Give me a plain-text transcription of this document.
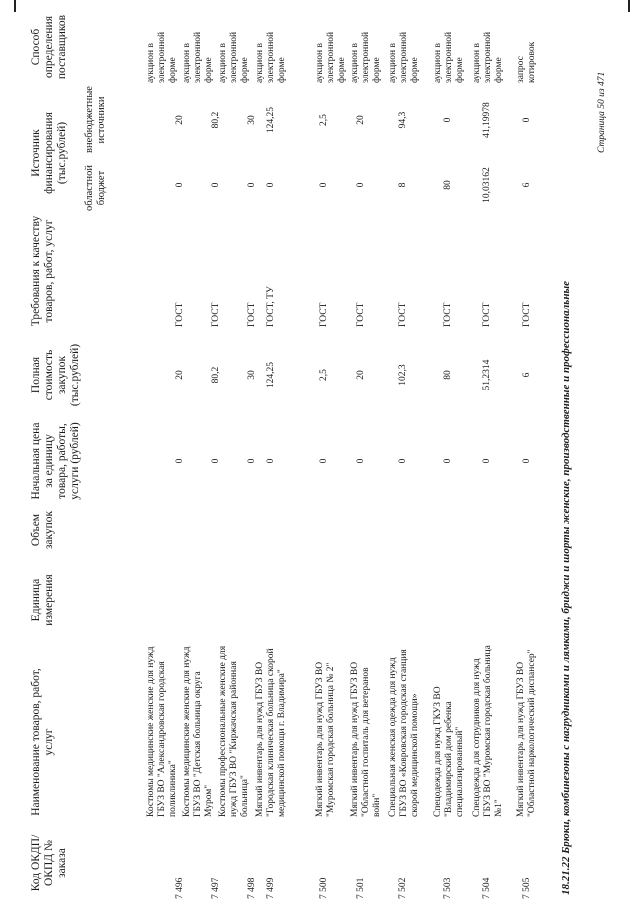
Код ОКДП/ ОКПД № заказа
Наименование товаров, работ, услуг
Единица измерения
Объем закупок
Начальная цена за единицу товара, работы, услуги (рублей)
Полная стоимость закупок (тыс.рублей)
Требования к качеству товаров, работ, услуг
Источник финансирования (тыс.рублей)
областной бюджет
внебюджетные источники
Способ определения поставщиков
7 496
Костюмы медицинские женские для нужд ГБУЗ ВО "Александровская городская поликлиника"
0
20
ГОСТ
0
20
аукцион в электронной форме
7 497
Костюмы медицинские женские для нужд ГБУЗ ВО "Детская больница округа Муром"
0
80,2
ГОСТ
0
80,2
аукцион в электронной форме
7 498
Костюмы профессиональные женские для нужд ГБУЗ ВО "Киржачская районная больница"
0
30
ГОСТ
0
30
аукцион в электронной форме
7 499
Мягкий инвентарь для нужд ГБУЗ ВО "Городская клиническая больница скорой медицинской помощи г. Владимира"
0
124,25
ГОСТ, ТУ
0
124,25
аукцион в электронной форме
7 500
Мягкий инвентарь для нужд ГБУЗ ВО "Муромская городская больница № 2"
0
2,5
ГОСТ
0
2,5
аукцион в электронной форме
7 501
Мягкий инвентарь для нужд ГБУЗ ВО "Областной госпиталь для ветеранов войн"
0
20
ГОСТ
0
20
аукцион в электронной форме
7 502
Специальная женская одежда для нужд ГБУЗ ВО «Ковровская городская станция скорой медицинской помощи»
0
102,3
ГОСТ
8
94,3
аукцион в электронной форме
7 503
Спецодежда для нужд ГКУЗ ВО "Владимирский дом ребенка специализированный"
0
80
ГОСТ
80
0
аукцион в электронной форме
7 504
Спецодежда для сотрудников для нужд ГБУЗ ВО "Муромская городская больница №1"
0
51,2314
ГОСТ
10,03162
41,19978
аукцион в электронной форме
7 505
Мягкий инвентарь для нужд ГБУЗ ВО "Областной наркологический диспансер"
0
6
ГОСТ
6
0
запрос котировок
18.21.22 Брюки, комбинезоны с нагрудниками и лямками, бриджи и шорты женские, производственные и профессиональные
Страница 50 из 471
